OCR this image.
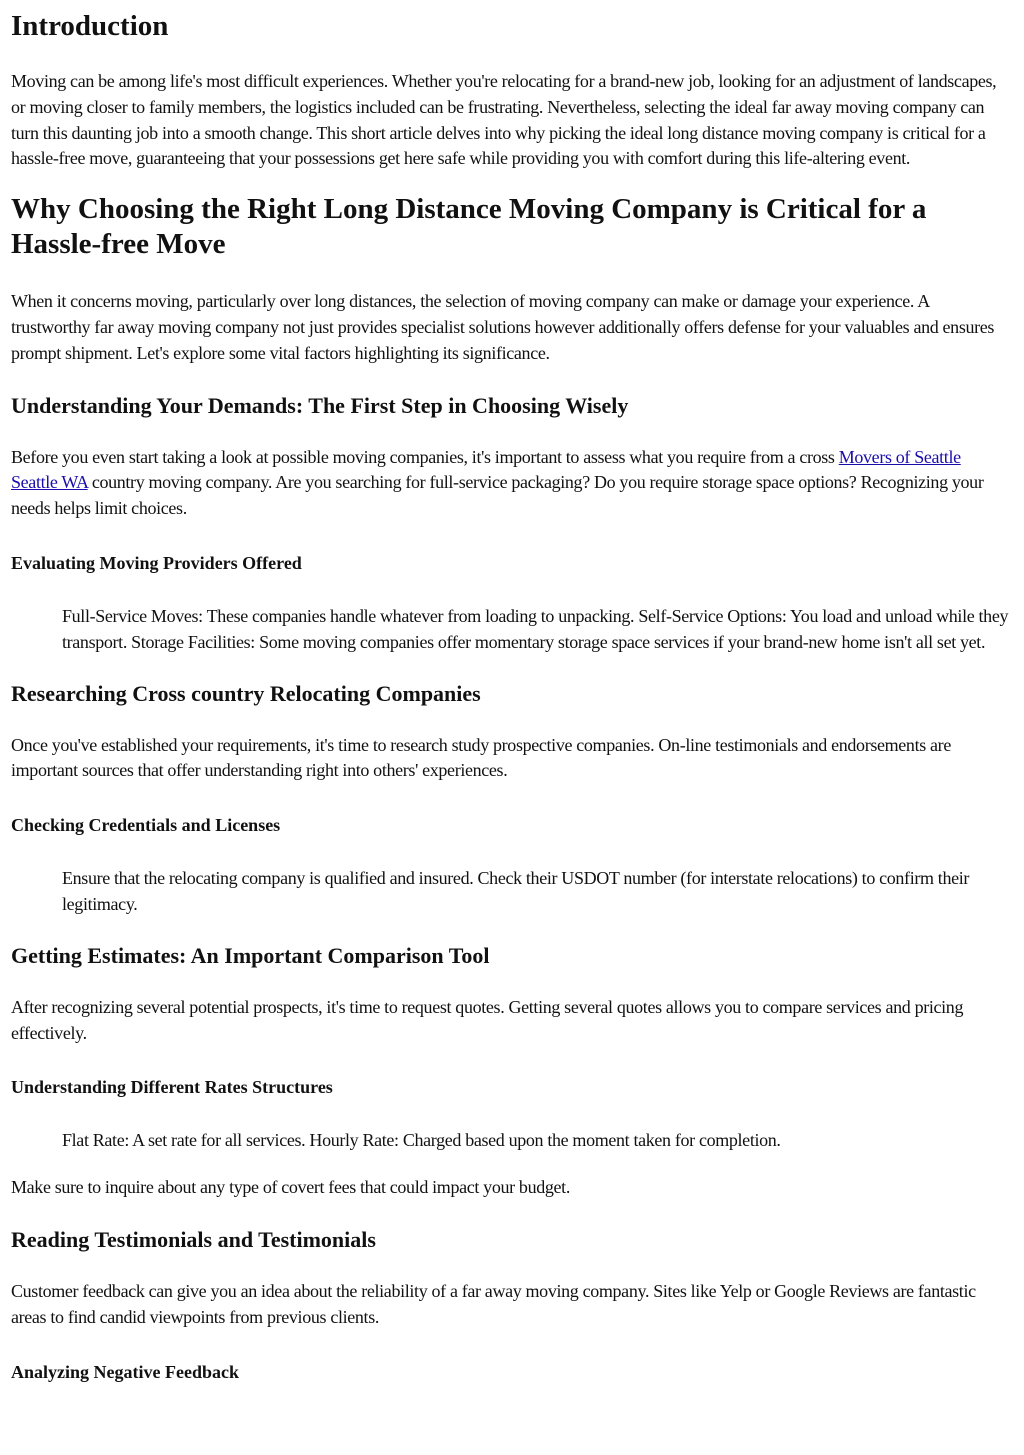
Introduction

Moving can be among life's most difficult experiences. Whether you're relocating for a brand-new job, looking for an adjustment of landscapes, or moving closer to family members, the logistics included can be frustrating. Nevertheless, selecting the ideal far away moving company can turn this daunting job into a smooth change. This short article delves into why picking the ideal long distance moving company is critical for a hassle-free move, guaranteeing that your possessions get here safe while providing you with comfort during this life-altering event.

Why Choosing the Right Long Distance Moving Company is Critical for a Hassle-free Move

When it concerns moving, particularly over long distances, the selection of moving company can make or damage your experience. A trustworthy far away moving company not just provides specialist solutions however additionally offers defense for your valuables and ensures prompt shipment. Let's explore some vital factors highlighting its significance.

Understanding Your Demands: The First Step in Choosing Wisely

Before you even start taking a look at possible moving companies, it's important to assess what you require from a cross Movers of Seattle Seattle WA country moving company. Are you searching for full-service packaging? Do you require storage space options? Recognizing your needs helps limit choices.

Evaluating Moving Providers Offered

Full-Service Moves: These companies handle whatever from loading to unpacking. Self-Service Options: You load and unload while they transport. Storage Facilities: Some moving companies offer momentary storage space services if your brand-new home isn't all set yet.

Researching Cross country Relocating Companies

Once you've established your requirements, it's time to research study prospective companies. On-line testimonials and endorsements are important sources that offer understanding right into others' experiences.

Checking Credentials and Licenses

Ensure that the relocating company is qualified and insured. Check their USDOT number (for interstate relocations) to confirm their legitimacy.

Getting Estimates: An Important Comparison Tool

After recognizing several potential prospects, it's time to request quotes. Getting several quotes allows you to compare services and pricing effectively.

Understanding Different Rates Structures

Flat Rate: A set rate for all services. Hourly Rate: Charged based upon the moment taken for completion.

Make sure to inquire about any type of covert fees that could impact your budget.

Reading Testimonials and Testimonials

Customer feedback can give you an idea about the reliability of a far away moving company. Sites like Yelp or Google Reviews are fantastic areas to find candid viewpoints from previous clients.

Analyzing Negative Feedback
